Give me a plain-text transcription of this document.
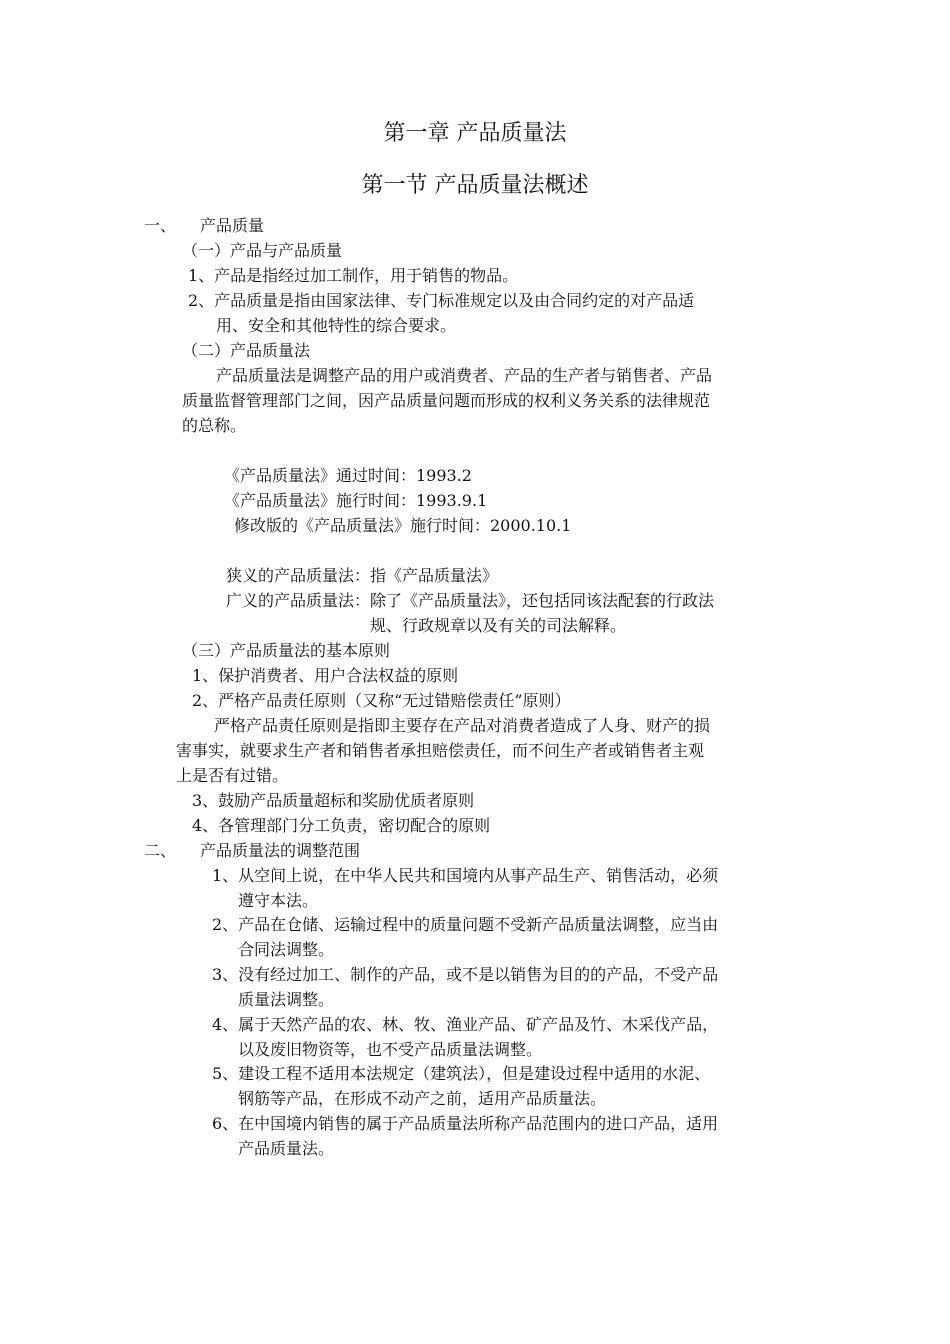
第一章 产品质量法
第一节 产品质量法概述
一、 产品质量
（一）产品与产品质量
1、产品是指经过加工制作，用于销售的物品。
2、产品质量是指由国家法律、专门标准规定以及由合同约定的对产品适
用、安全和其他特性的综合要求。
（二）产品质量法
产品质量法是调整产品的用户或消费者、产品的生产者与销售者、产品
质量监督管理部门之间，因产品质量问题而形成的权利义务关系的法律规范
的总称。
《产品质量法》通过时间：1993.2
《产品质量法》施行时间：1993.9.1
修改版的《产品质量法》施行时间：2000.10.1
狭义的产品质量法：指《产品质量法》
广义的产品质量法：除了《产品质量法》，还包括同该法配套的行政法
规、行政规章以及有关的司法解释。
（三）产品质量法的基本原则
1、保护消费者、用户合法权益的原则
2、严格产品责任原则（又称“无过错赔偿责任”原则）
严格产品责任原则是指即主要存在产品对消费者造成了人身、财产的损
害事实，就要求生产者和销售者承担赔偿责任，而不问生产者或销售者主观
上是否有过错。
3、鼓励产品质量超标和奖励优质者原则
4、各管理部门分工负责，密切配合的原则
二、 产品质量法的调整范围
1、从空间上说，在中华人民共和国境内从事产品生产、销售活动，必须
遵守本法。
2、产品在仓储、运输过程中的质量问题不受新产品质量法调整，应当由
合同法调整。
3、没有经过加工、制作的产品，或不是以销售为目的的产品，不受产品
质量法调整。
4、属于天然产品的农、林、牧、渔业产品、矿产品及竹、木采伐产品，
以及废旧物资等，也不受产品质量法调整。
5、建设工程不适用本法规定（建筑法），但是建设过程中适用的水泥、
钢筋等产品，在形成不动产之前，适用产品质量法。
6、在中国境内销售的属于产品质量法所称产品范围内的进口产品，适用
产品质量法。
